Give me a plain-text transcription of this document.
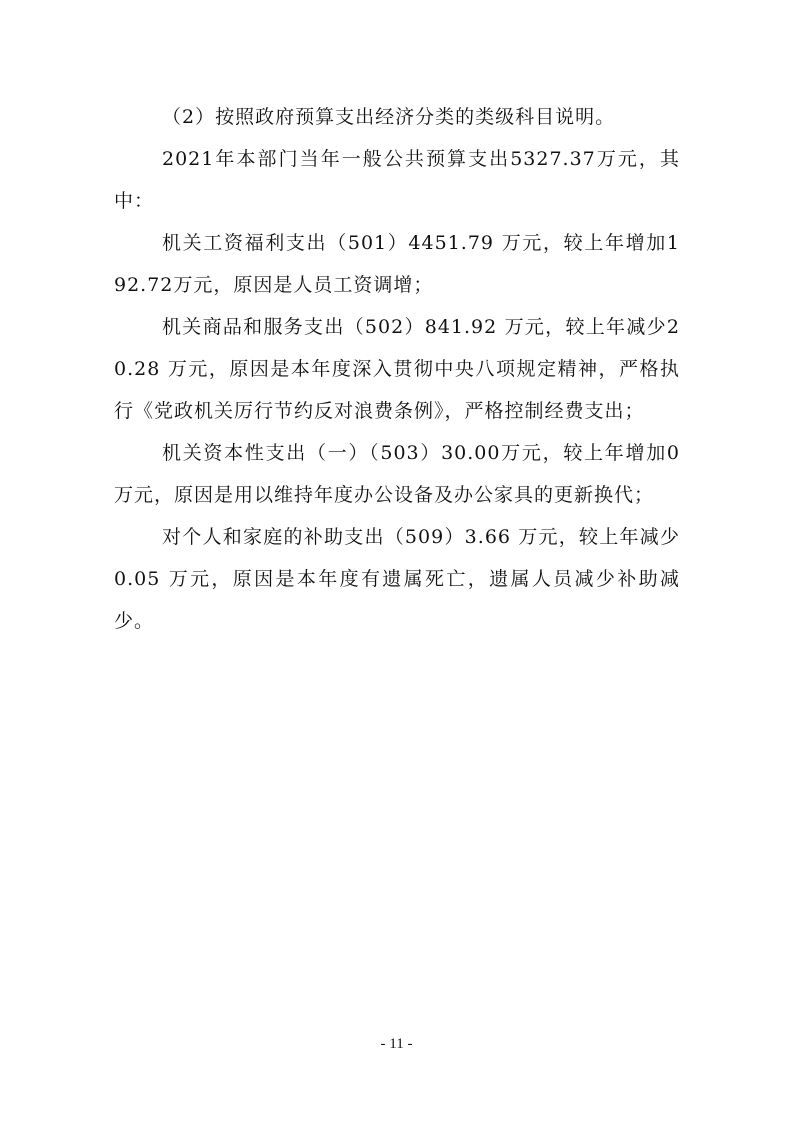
（2）按照政府预算支出经济分类的类级科目说明。

2021年本部门当年一般公共预算支出5327.37万元，其中：

机关工资福利支出（501）4451.79 万元，较上年增加192.72万元，原因是人员工资调增；

机关商品和服务支出（502）841.92 万元，较上年减少20.28 万元，原因是本年度深入贯彻中央八项规定精神，严格执行《党政机关厉行节约反对浪费条例》，严格控制经费支出；

机关资本性支出（一）（503）30.00万元，较上年增加0 万元，原因是用以维持年度办公设备及办公家具的更新换代；

对个人和家庭的补助支出（509）3.66 万元，较上年减少 0.05 万元，原因是本年度有遗属死亡，遗属人员减少补助减少。

- 11 -
